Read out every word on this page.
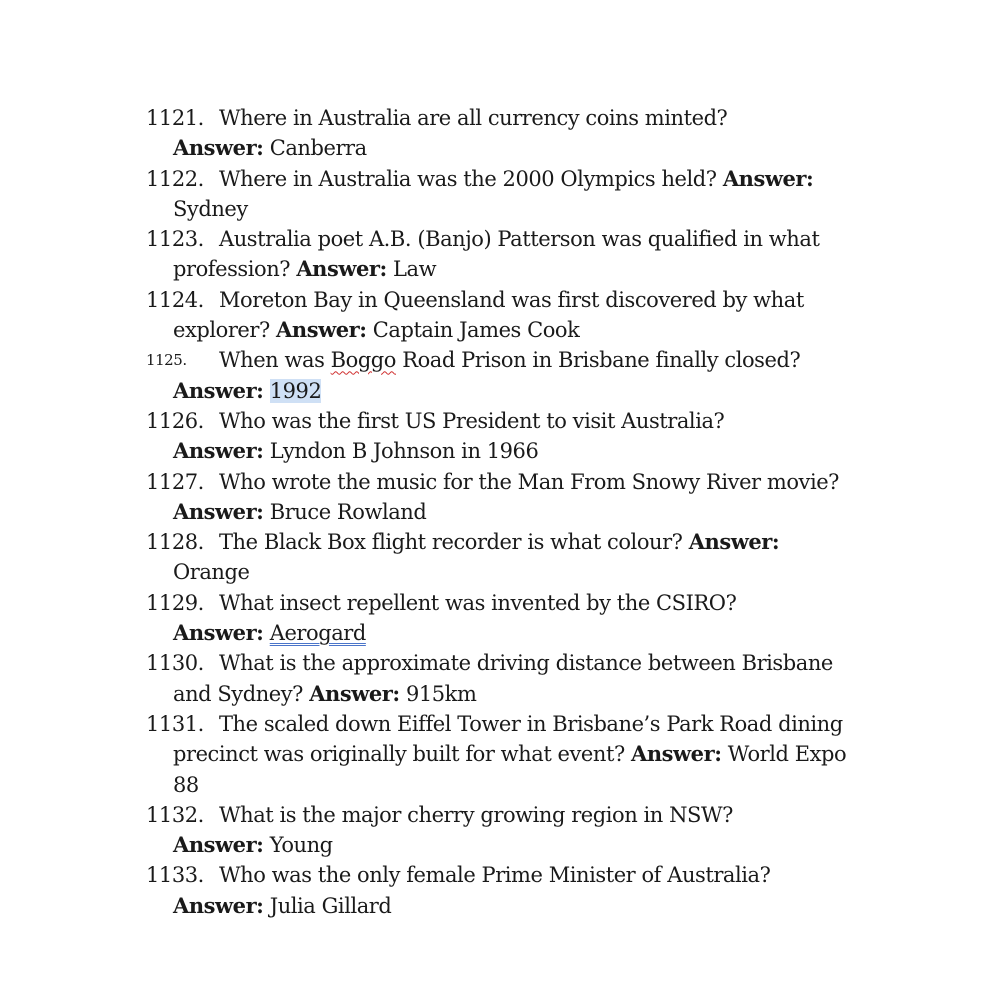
1121. Where in Australia are all currency coins minted?
Answer: Canberra
1122. Where in Australia was the 2000 Olympics held? Answer:
Sydney
1123. Australia poet A.B. (Banjo) Patterson was qualified in what profession? Answer: Law
1124. Moreton Bay in Queensland was first discovered by what explorer? Answer: Captain James Cook
1125. When was Boggo Road Prison in Brisbane finally closed?
Answer: 1992
1126. Who was the first US President to visit Australia?
Answer: Lyndon B Johnson in 1966
1127. Who wrote the music for the Man From Snowy River movie?
Answer: Bruce Rowland
1128. The Black Box flight recorder is what colour? Answer: Orange
1129. What insect repellent was invented by the CSIRO?
Answer: Aerogard
1130. What is the approximate driving distance between Brisbane and Sydney? Answer: 915km
1131. The scaled down Eiffel Tower in Brisbane’s Park Road dining precinct was originally built for what event? Answer: World Expo 88
1132. What is the major cherry growing region in NSW?
Answer: Young
1133. Who was the only female Prime Minister of Australia?
Answer: Julia Gillard
